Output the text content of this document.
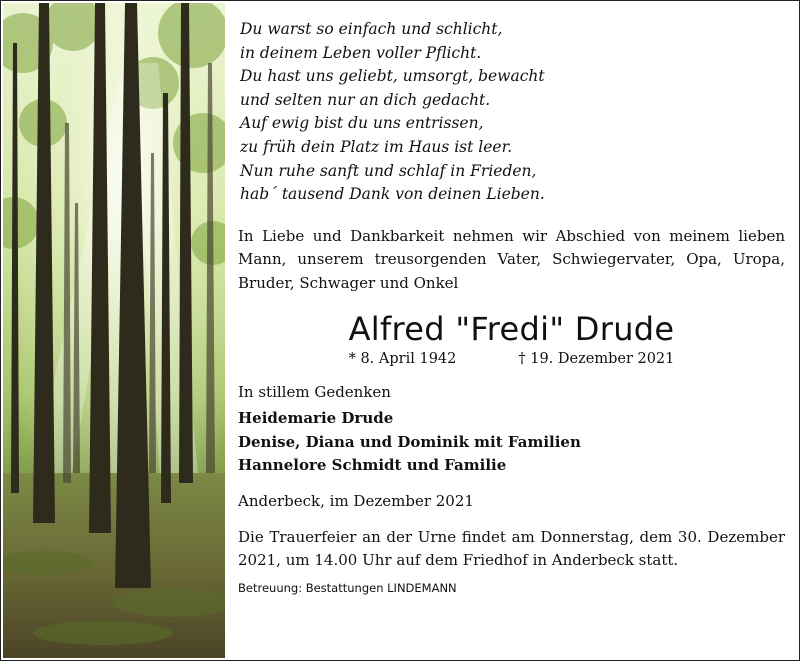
Du warst so einfach und schlicht,
in deinem Leben voller Pflicht.
Du hast uns geliebt, umsorgt, bewacht
und selten nur an dich gedacht.
Auf ewig bist du uns entrissen,
zu früh dein Platz im Haus ist leer.
Nun ruhe sanft und schlaf in Frieden,
hab´ tausend Dank von deinen Lieben.

In Liebe und Dankbarkeit nehmen wir Abschied von meinem lieben Mann, unserem treusorgenden Vater, Schwiegervater, Opa, Uropa, Bruder, Schwager und Onkel

Alfred "Fredi" Drude
* 8. April 1942	† 19. Dezember 2021

In stillem Gedenken

Heidemarie Drude
Denise, Diana und Dominik mit Familien
Hannelore Schmidt und Familie

Anderbeck, im Dezember 2021

Die Trauerfeier an der Urne findet am Donnerstag, dem 30. Dezember 2021, um 14.00 Uhr auf dem Friedhof in Anderbeck statt.

Betreuung: Bestattungen LINDEMANN
